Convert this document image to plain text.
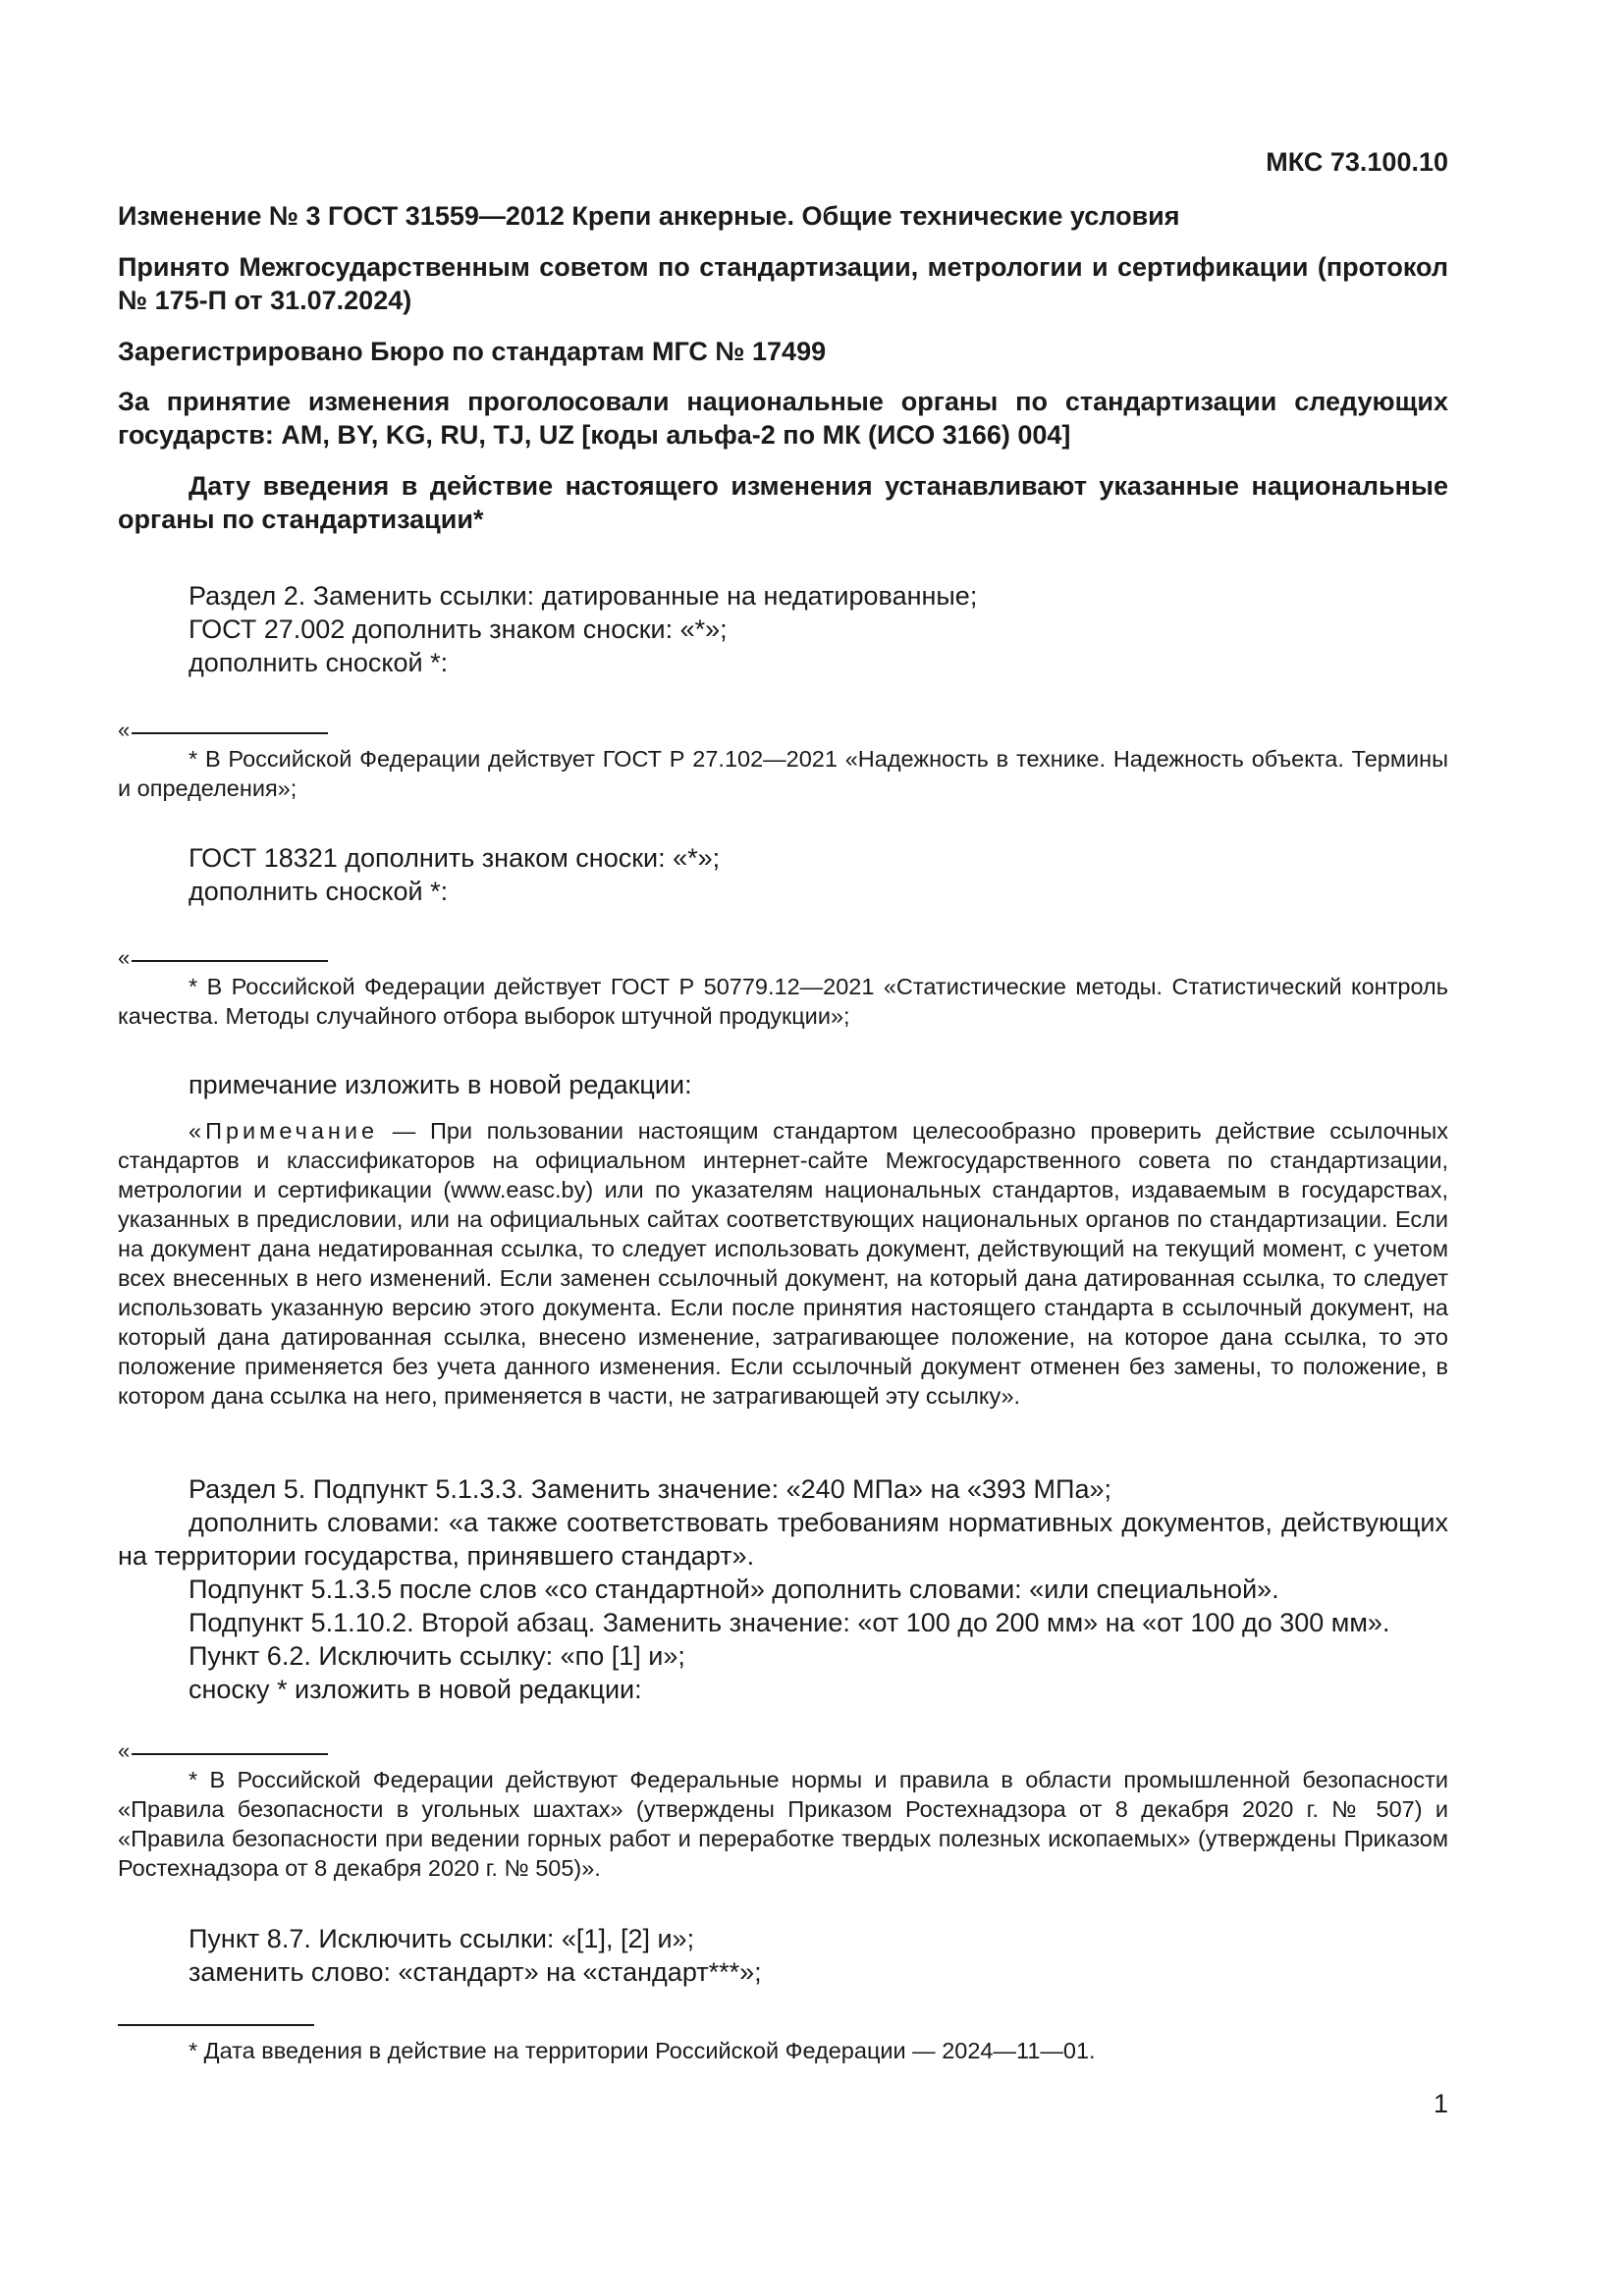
МКС 73.100.10

Изменение № 3 ГОСТ 31559—2012 Крепи анкерные. Общие технические условия

Принято Межгосударственным советом по стандартизации, метрологии и сертификации (протокол № 175-П от 31.07.2024)

Зарегистрировано Бюро по стандартам МГС № 17499

За принятие изменения проголосовали национальные органы по стандартизации следующих государств: AM, BY, KG, RU, TJ, UZ [коды альфа-2 по МК (ИСО 3166) 004]

Дату введения в действие настоящего изменения устанавливают указанные национальные органы по стандартизации*

Раздел 2. Заменить ссылки: датированные на недатированные;

ГОСТ 27.002 дополнить знаком сноски: «*»;

дополнить сноской *:

«

* В Российской Федерации действует ГОСТ Р 27.102—2021 «Надежность в технике. Надежность объекта. Термины и определения»;

ГОСТ 18321 дополнить знаком сноски: «*»;

дополнить сноской *:

«

* В Российской Федерации действует ГОСТ Р 50779.12—2021 «Статистические методы. Статистический контроль качества. Методы случайного отбора выборок штучной продукции»;

примечание изложить в новой редакции:

«Примечание — При пользовании настоящим стандартом целесообразно проверить действие ссылочных стандартов и классификаторов на официальном интернет-сайте Межгосударственного совета по стандартизации, метрологии и сертификации (www.easc.by) или по указателям национальных стандартов, издаваемым в государствах, указанных в предисловии, или на официальных сайтах соответствующих национальных органов по стандартизации. Если на документ дана недатированная ссылка, то следует использовать документ, действующий на текущий момент, с учетом всех внесенных в него изменений. Если заменен ссылочный документ, на который дана датированная ссылка, то следует использовать указанную версию этого документа. Если после принятия настоящего стандарта в ссылочный документ, на который дана датированная ссылка, внесено изменение, затрагивающее положение, на которое дана ссылка, то это положение применяется без учета данного изменения. Если ссылочный документ отменен без замены, то положение, в котором дана ссылка на него, применяется в части, не затрагивающей эту ссылку».

Раздел 5. Подпункт 5.1.3.3. Заменить значение: «240 МПа» на «393 МПа»;

дополнить словами: «а также соответствовать требованиям нормативных документов, действующих на территории государства, принявшего стандарт».

Подпункт 5.1.3.5 после слов «со стандартной» дополнить словами: «или специальной».

Подпункт 5.1.10.2. Второй абзац. Заменить значение: «от 100 до 200 мм» на «от 100 до 300 мм».

Пункт 6.2. Исключить ссылку: «по [1] и»;

сноску * изложить в новой редакции:

«

* В Российской Федерации действуют Федеральные нормы и правила в области промышленной безопасности «Правила безопасности в угольных шахтах» (утверждены Приказом Ростехнадзора от 8 декабря 2020 г. № 507) и «Правила безопасности при ведении горных работ и переработке твердых полезных ископаемых» (утверждены Приказом Ростехнадзора от 8 декабря 2020 г. № 505)».

Пункт 8.7. Исключить ссылки: «[1], [2] и»;

заменить слово: «стандарт» на «стандарт***»;

* Дата введения в действие на территории Российской Федерации — 2024—11—01.

1
